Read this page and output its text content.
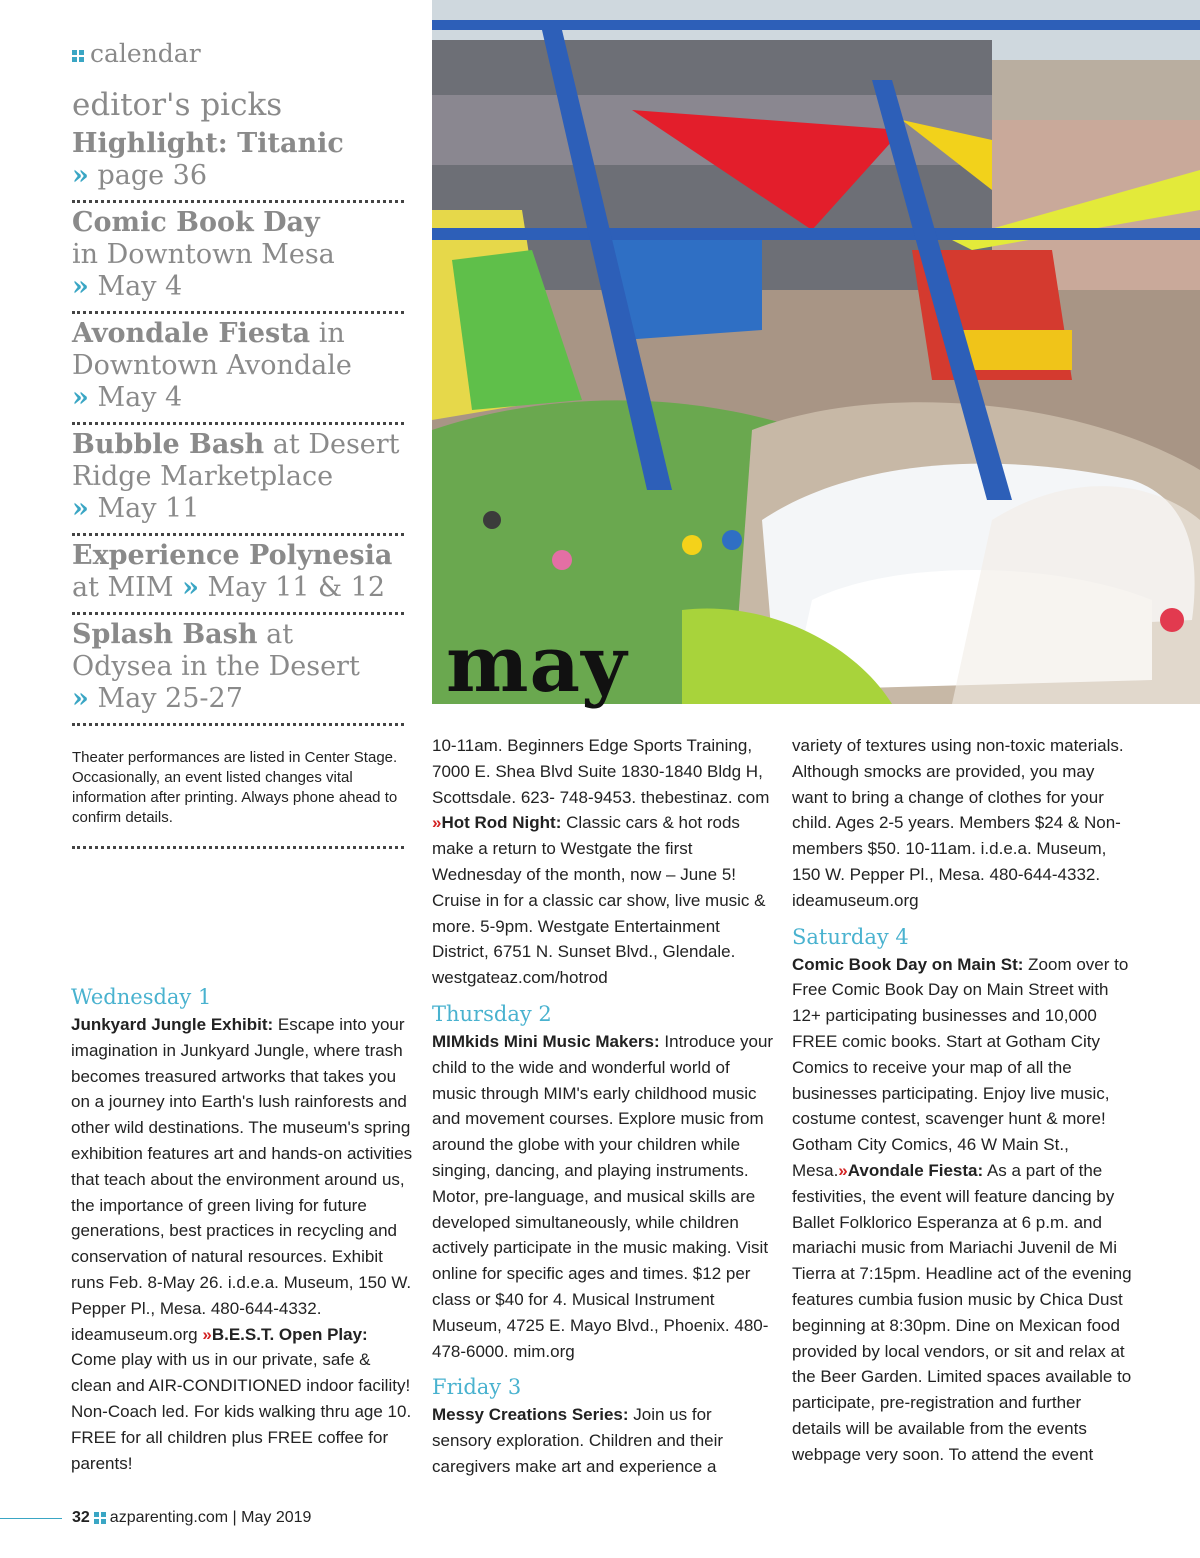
calendar
editor's picks

Highlight: Titanic

» page 36

Comic Book Day

in Downtown Mesa

» May 4

Avondale Fiesta in

Downtown Avondale

» May 4

Bubble Bash at Desert

Ridge Marketplace

» May 11

Experience Polynesia

at MIM » May 11 & 12

Splash Bash at

Odysea in the Desert

» May 25-27

Theater performances are listed in Center Stage. Occasionally, an event listed changes vital information after printing. Always phone ahead to confirm details.
may

Wednesday 1

Junkyard Jungle Exhibit: Escape into your imagination in Junkyard Jungle, where trash becomes treasured artworks that takes you on a journey into Earth's lush rainforests and other wild destinations. The museum's spring exhibition features art and hands-on activities that teach about the environment around us, the importance of green living for future generations, best practices in recycling and conservation of natural resources. Exhibit runs Feb. 8-May 26. i.d.e.a. Museum, 150 W. Pepper Pl., Mesa. 480-644-4332. ideamuseum.org »B.E.S.T. Open Play: Come play with us in our private, safe & clean and AIR-CONDITIONED indoor facility! Non-Coach led. For kids walking thru age 10. FREE for all children plus FREE coffee for parents!

10-11am. Beginners Edge Sports Training, 7000 E. Shea Blvd Suite 1830-1840 Bldg H, Scottsdale. 623- 748-9453. thebestinaz. com »Hot Rod Night: Classic cars & hot rods make a return to Westgate the first Wednesday of the month, now – June 5! Cruise in for a classic car show, live music & more. 5-9pm. Westgate Entertainment District, 6751 N. Sunset Blvd., Glendale. westgateaz.com/hotrod

Thursday 2

MIMkids Mini Music Makers: Introduce your child to the wide and wonderful world of music through MIM's early childhood music and movement courses. Explore music from around the globe with your children while singing, dancing, and playing instruments. Motor, pre-language, and musical skills are developed simultaneously, while children actively participate in the music making. Visit online for specific ages and times. $12 per class or $40 for 4. Musical Instrument Museum, 4725 E. Mayo Blvd., Phoenix. 480-478-6000. mim.org

Friday 3

Messy Creations Series: Join us for sensory exploration. Children and their caregivers make art and experience a

variety of textures using non-toxic materials. Although smocks are provided, you may want to bring a change of clothes for your child. Ages 2-5 years. Members $24 & Non-members $50. 10-11am. i.d.e.a. Museum, 150 W. Pepper Pl., Mesa. 480-644-4332. ideamuseum.org

Saturday 4

Comic Book Day on Main St: Zoom over to Free Comic Book Day on Main Street with 12+ participating businesses and 10,000 FREE comic books. Start at Gotham City Comics to receive your map of all the businesses participating. Enjoy live music, costume contest, scavenger hunt & more! Gotham City Comics, 46 W Main St., Mesa.»Avondale Fiesta: As a part of the festivities, the event will feature dancing by Ballet Folklorico Esperanza at 6 p.m. and mariachi music from Mariachi Juvenil de Mi Tierra at 7:15pm. Headline act of the evening features cumbia fusion music by Chica Dust beginning at 8:30pm. Dine on Mexican food provided by local vendors, or sit and relax at the Beer Garden. Limited spaces available to participate, pre-registration and further details will be available from the events webpage very soon. To attend the event

32 azparenting.com | May 2019
